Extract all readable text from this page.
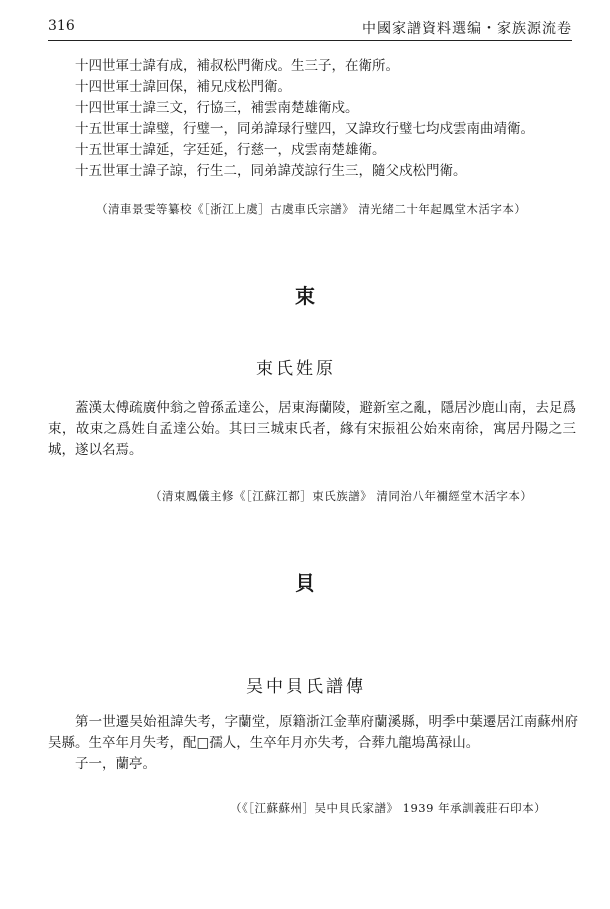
316	中國家譜資料選编・家族源流卷
十四世軍士諱有成，補叔松門衛戍。生三子，在衛所。
十四世軍士諱回保，補兄戍松門衛。
十四世軍士諱三文，行協三，補雲南楚雄衛戍。
十五世軍士諱璧，行璧一，同弟諱琭行璧四，又諱玫行璧七均戍雲南曲靖衛。
十五世軍士諱延，字廷延，行慈一，戍雲南楚雄衛。
十五世軍士諱子諒，行生二，同弟諱茂諒行生三，隨父戍松門衛。
（清車景雯等纂校《［浙江上虞］古虞車氏宗譜》 清光緒二十年起鳳堂木活字本）
束
束氏姓原
蓋漢太傅疏廣仲翁之曾孫孟達公，居東海蘭陵，避新室之亂，隱居沙鹿山南，去足爲束，故束之爲姓自孟達公始。其曰三城束氏者，緣有宋振祖公始來南徐，寓居丹陽之三城，遂以名焉。
（清束鳳儀主修《［江蘇江都］束氏族譜》 清同治八年禰經堂木活字本）
貝
吴中貝氏譜傳
第一世遷吴始祖諱失考，字蘭堂，原籍浙江金華府蘭溪縣，明季中葉遷居江南蘇州府吴縣。生卒年月失考，配□孺人，生卒年月亦失考，合葬九龍塢萬禄山。
子一，蘭亭。
（《［江蘇蘇州］吴中貝氏家譜》 1939 年承訓義莊石印本）
